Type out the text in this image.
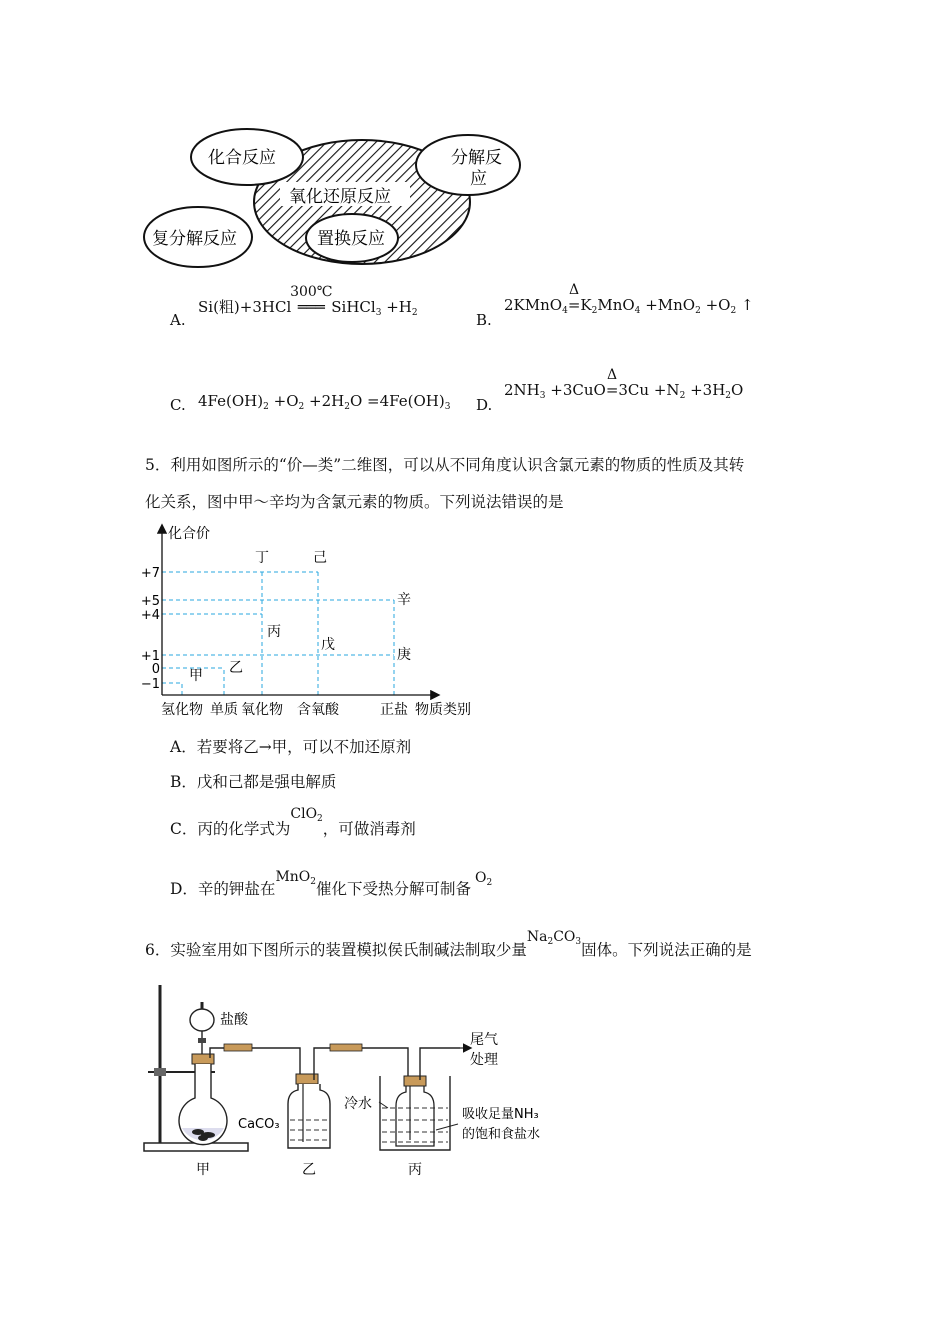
化合反应	分解反
应
氧化还原反应
复分解反应	置换反应
A.
Si(粗)+3HCl
300℃
═══ SiHCl$_3$ $+H_2$	B.
2KMnO$_4$
Δ
$=K_2MnO_4 +MnO_2 +O_2$ ↑
C. $4Fe(OH)_2 +O_2 +2H_2O =4Fe(OH)_3$ D.
$2NH_3 +3CuO$
Δ
$=3Cu +N_2 +3H_2O$
5．利用如图所示的“价—类”二维图，可以从不同角度认识含氯元素的物质的性质及其转
化关系，图中甲～辛均为含氯元素的物质。下列说法错误的是
化合价
+7
+5
+4
+1
0
−1
氢化物 单质 氧化物 含氧酸	正盐 物质类别
甲 乙
丙
丁
戊
己
庚
辛
A．若要将乙→甲，可以不加还原剂
B．戊和己都是强电解质
C．丙的化学式为ClO$_2$，可做消毒剂
D．辛的钾盐在MnO$_2$催化下受热分解可制备$O_2$
6．实验室用如下图所示的装置模拟侯氏制碱法制取少量$Na_2CO_3$固体。下列说法正确的是
盐酸
CaCO₃
尾气
处理
冷水
吸收足量NH₃
的饱和食盐水
甲	乙	丙
